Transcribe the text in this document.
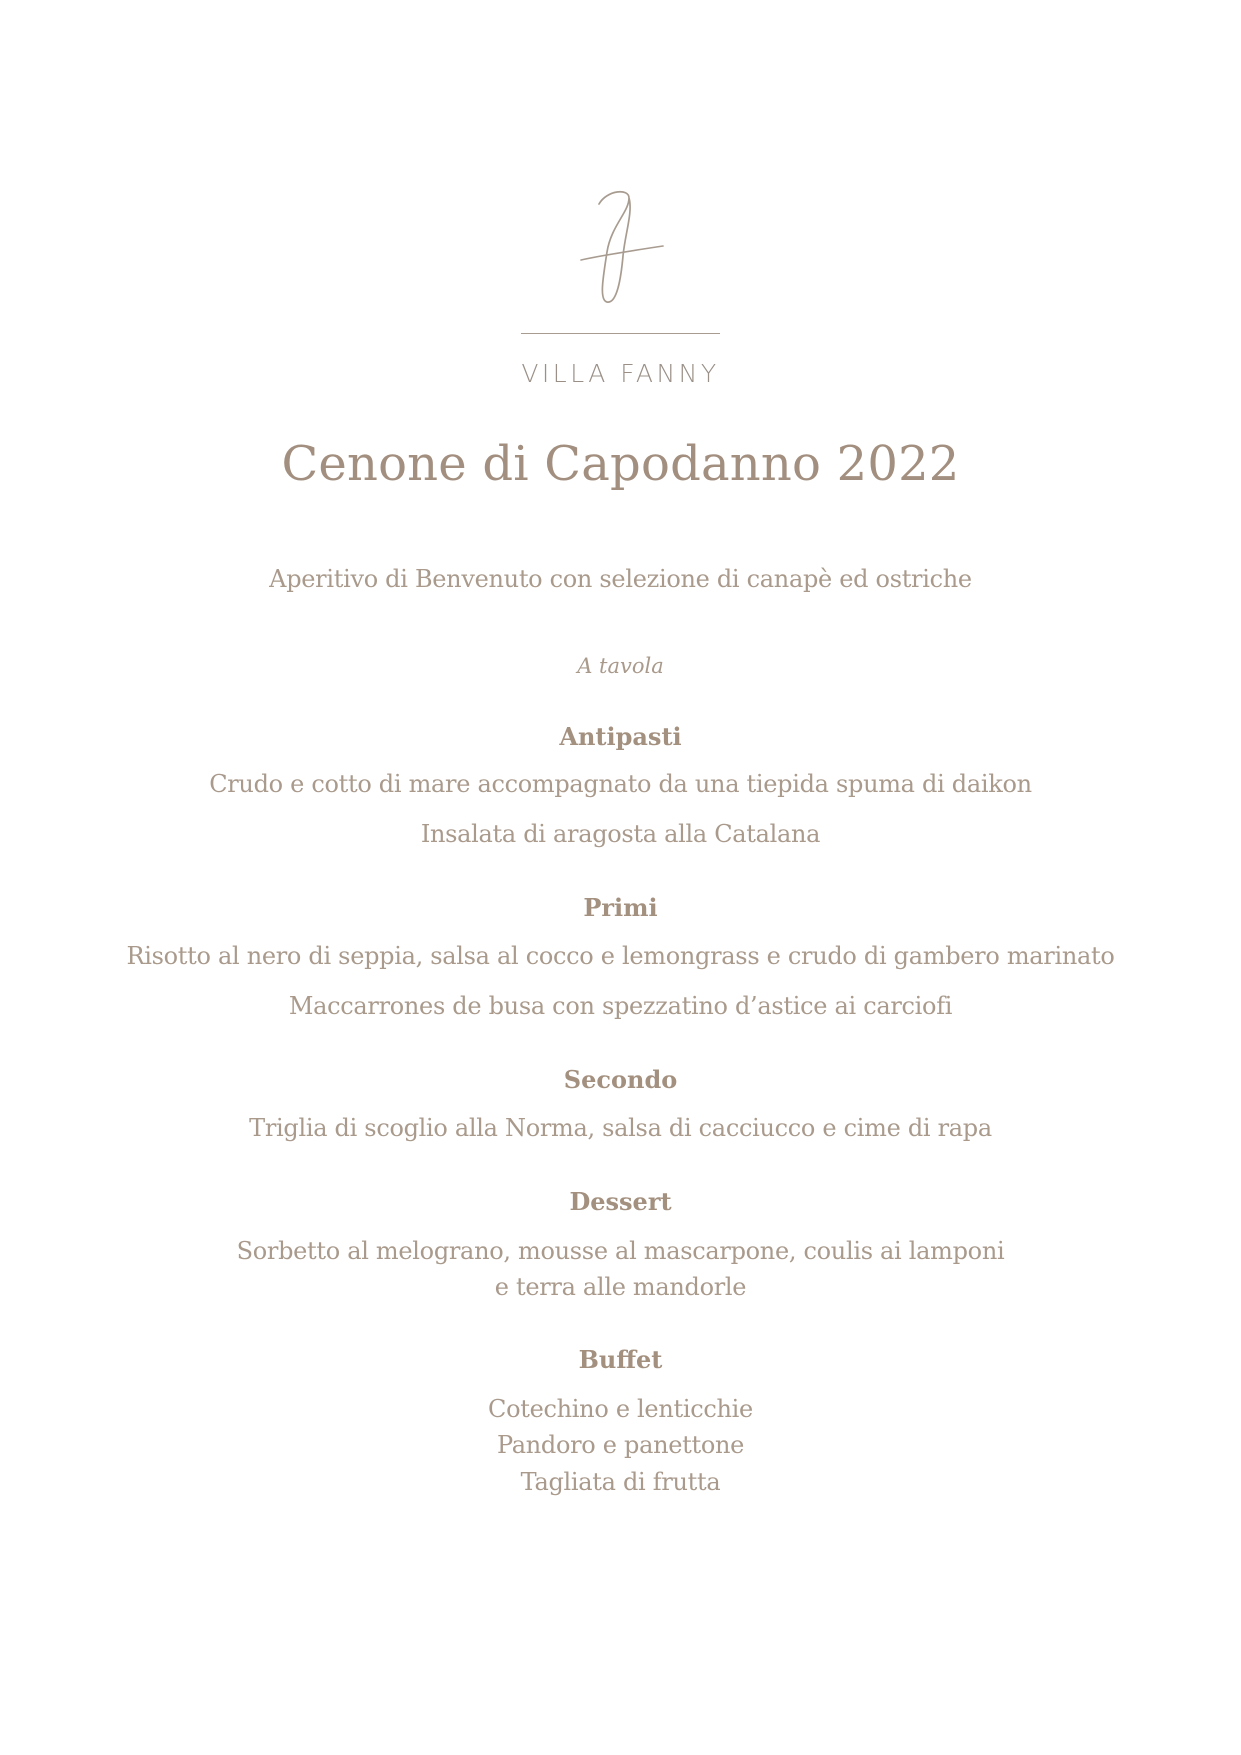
VILLA FANNY
Cenone di Capodanno 2022
Aperitivo di Benvenuto con selezione di canapè ed ostriche
A tavola
Antipasti
Crudo e cotto di mare accompagnato da una tiepida spuma di daikon
Insalata di aragosta alla Catalana
Primi
Risotto al nero di seppia, salsa al cocco e lemongrass e crudo di gambero marinato
Maccarrones de busa con spezzatino d’astice ai carciofi
Secondo
Triglia di scoglio alla Norma, salsa di cacciucco e cime di rapa
Dessert
Sorbetto al melograno, mousse al mascarpone, coulis ai lamponi
e terra alle mandorle
Buffet
Cotechino e lenticchie
Pandoro e panettone
Tagliata di frutta
